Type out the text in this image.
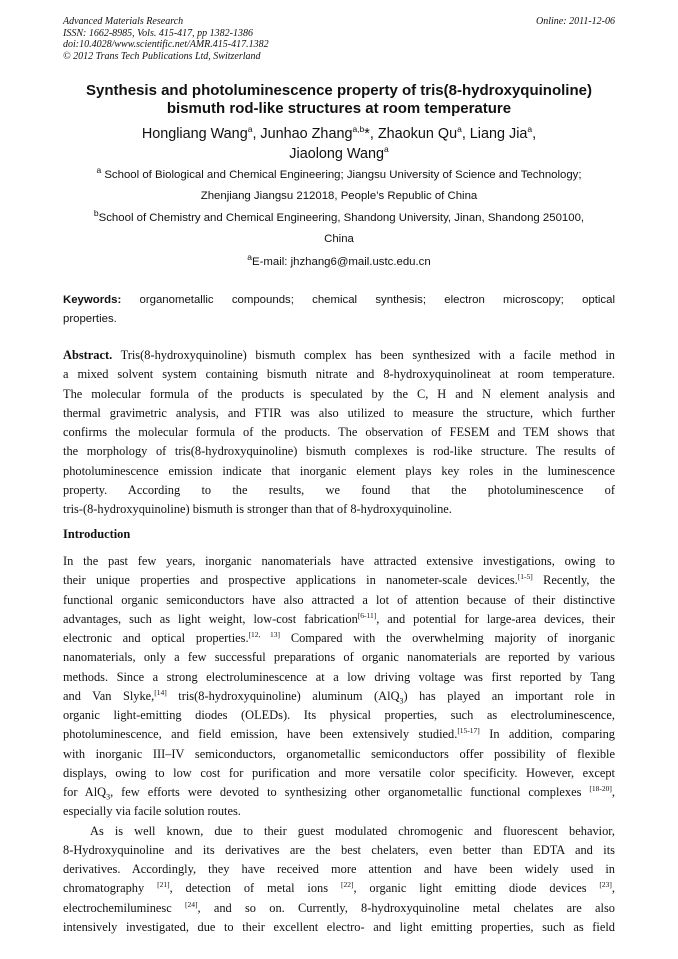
Advanced Materials Research
ISSN: 1662-8985, Vols. 415-417, pp 1382-1386
doi:10.4028/www.scientific.net/AMR.415-417.1382
© 2012 Trans Tech Publications Ltd, Switzerland
Online: 2011-12-06
Synthesis and photoluminescence property of tris(8-hydroxyquinoline)
bismuth rod-like structures at room temperature
Hongliang Wang$^a$, Junhao Zhang$^{a,b}$*, Zhaokun Qu$^a$, Liang Jia$^a$,
Jiaolong Wang$^a$
$^a$ School of Biological and Chemical Engineering; Jiangsu University of Science and Technology;
Zhenjiang Jiangsu 212018, People’s Republic of China
$^b$School of Chemistry and Chemical Engineering, Shandong University, Jinan, Shandong 250100,
China
$^a$E-mail: jhzhang6@mail.ustc.edu.cn
Keywords: organometallic compounds; chemical synthesis; electron microscopy; optical
properties.
Abstract. Tris(8-hydroxyquinoline) bismuth complex has been synthesized with a facile method in
a mixed solvent system containing bismuth nitrate and 8-hydroxyquinolineat at room temperature.
The molecular formula of the products is speculated by the C, H and N element analysis and
thermal gravimetric analysis, and FTIR was also utilized to measure the structure, which further
confirms the molecular formula of the products. The observation of FESEM and TEM shows that
the morphology of tris(8-hydroxyquinoline) bismuth complexes is rod-like structure. The results of
photoluminescence emission indicate that inorganic element plays key roles in the luminescence
property. According to the results, we found that the photoluminescence of
tris-(8-hydroxyquinoline) bismuth is stronger than that of 8-hydroxyquinoline.
Introduction
In the past few years, inorganic nanomaterials have attracted extensive investigations, owing to
their unique properties and prospective applications in nanometer-scale devices.[1-5] Recently, the
functional organic semiconductors have also attracted a lot of attention because of their distinctive
advantages, such as light weight, low-cost fabrication[6-11], and potential for large-area devices, their
electronic and optical properties.[12, 13] Compared with the overwhelming majority of inorganic
nanomaterials, only a few successful preparations of organic nanomaterials are reported by various
methods. Since a strong electroluminescence at a low driving voltage was first reported by Tang
and Van Slyke,[14] tris(8-hydroxyquinoline) aluminum (AlQ$_3$) has played an important role in
organic light-emitting diodes (OLEDs). Its physical properties, such as electroluminescence,
photoluminescence, and field emission, have been extensively studied.[15-17] In addition, comparing
with inorganic III–IV semiconductors, organometallic semiconductors offer possibility of flexible
displays, owing to low cost for purification and more versatile color specificity. However, except
for AlQ$_3$, few efforts were devoted to synthesizing other organometallic functional complexes [18-20],
especially via facile solution routes.
As is well known, due to their guest modulated chromogenic and fluorescent behavior,
8-Hydroxyquinoline and its derivatives are the best chelaters, even better than EDTA and its
derivatives. Accordingly, they have received more attention and have been widely used in
chromatography [21], detection of metal ions [22], organic light emitting diode devices [23],
electrochemiluminesc [24], and so on. Currently, 8-hydroxyquinoline metal chelates are also
intensively investigated, due to their excellent electro- and light emitting properties, such as field
